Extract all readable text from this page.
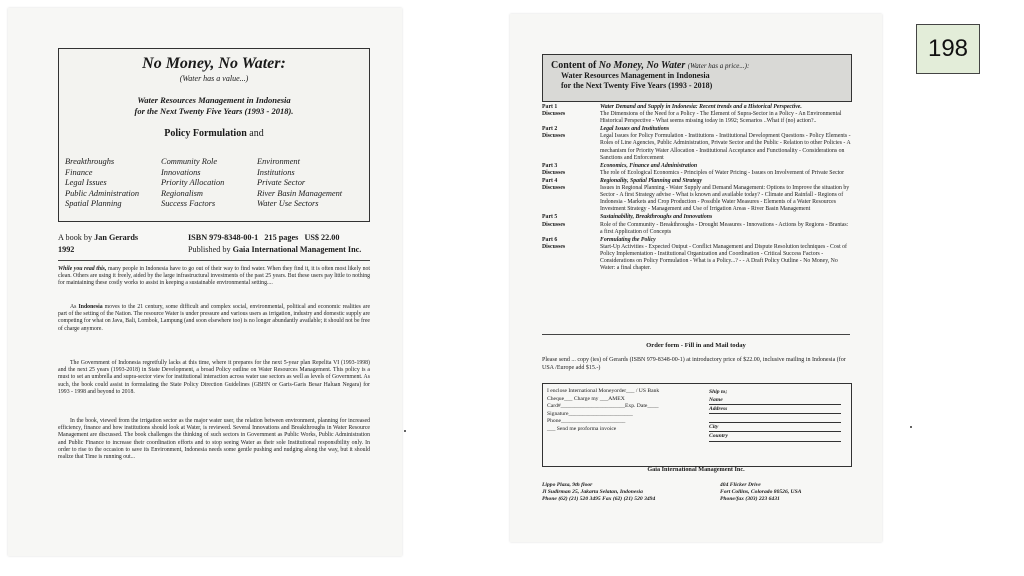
No Money, No Water:
(Water has a value...)
Water Resources Management in Indonesia
for the Next Twenty Five Years (1993 - 2018).
Policy Formulation and
Breakthroughs	Community Role	Environment
Finance	Innovations	Institutions
Legal Issues	Priority Allocation	Private Sector
Public Administration	Regionalism	River Basin Management
Spatial Planning	Success Factors	Water Use Sectors
A book by Jan Gerards	ISBN 979-8348-00-1 215 pages US$ 22.00
1992	Published by Gaia International Management Inc.
While you read this, many people in Indonesia have to go out of their way to find water. When they find it, it is often most likely not clean. Others are using it freely, aided by the large infrastructural investments of the past 25 years. But these users pay little to nothing for maintaining these costly works to assist in keeping a sustainable environmental setting....
As Indonesia moves to the 21 century, some difficult and complex social, environmental, political and economic realities are part of the setting of the Nation. The resource Water is under pressure and various users as irrigation, industry and domestic supply are competing for what on Java, Bali, Lombok, Lampung (and soon elsewhere too) is no longer abundantly available; it should not be free of charge anymore.
The Government of Indonesia regretfully lacks at this time, where it prepares for the next 5-year plan Repelita VI (1993-1998) and the next 25 years (1993-2018) in State Development, a broad Policy outline on Water Resources Management. This policy is a must to set an umbrella and supra-sector view for institutional interaction across water use sectors as well as levels of Government. As such, the book could assist in formulating the State Policy Direction Guidelines (GBHN or Garis-Garis Besar Haluan Negara) for 1993 - 1998 and beyond to 2018.
In the book, viewed from the irrigation sector as the major water user, the relation between environment, planning for increased efficiency, finance and how institutions should look at Water, is reviewed. Several Innovations and Breakthroughs in Water Resource Management are discussed. The book challenges the thinking of such sectors in Government as Public Works, Public Administration and Public Finance to increase their coordination efforts and to stop seeing Water as their sole Institutional responsibility only. In order to rise to the occasion to save its Environment, Indonesia needs some gentle pushing and nudging along the way, but it should realize that Time is running out...
Content of No Money, No Water (Water has a price...):
Water Resources Management in Indonesia
for the Next Twenty Five Years (1993 - 2018)
Part 1	Water Demand and Supply in Indonesia: Recent trends and a Historical Perspective.
Discusses	The Dimensions of the Need for a Policy - The Element of Supra-Sector in a Policy - An Environmental Historical Perspective - What seems missing today in 1992; Scenarios ..What if (no) action?..
Part 2	Legal Issues and Institutions
Discusses	Legal Issues for Policy Formulation - Institutions - Institutional Development Questions - Policy Elements - Roles of Line Agencies, Public Administration, Private Sector and the Public - Relation to other Policies - A mechanism for Priority Water Allocation - Institutional Acceptance and Functionality - Considerations on Sanctions and Enforcement
Part 3	Economics, Finance and Administration
Discusses	The role of Ecological Economics - Principles of Water Pricing - Issues on Involvement of Private Sector
Part 4	Regionality, Spatial Planning and Strategy
Discusses	Issues in Regional Planning - Water Supply and Demand Management: Options to Improve the situation by Sector - A first Strategy advise - What is known and available today? - Climate and Rainfall - Regions of Indonesia - Markets and Crop Production - Possible Water Measures - Elements of a Water Resources Investment Strategy - Management and Use of Irrigation Areas - River Basin Management
Part 5	Sustainability, Breakthroughs and Innovations
Discusses	Role of the Community - Breakthroughs - Drought Measures - Innovations - Actions by Regions - Brantas: a first Application of Concepts
Part 6	Formulating the Policy
Discusses	Start-Up Activities - Expected Output - Conflict Management and Dispute Resolution techniques - Cost of Policy Implementation - Institutional Organization and Coordination - Critical Success Factors - Considerations on Policy Formulation - What is a Policy...? - - A Draft Policy Outline - No Money, No Water: a final chapter.
Order form - Fill in and Mail today
Please send ... copy (ies) of Gerards (ISBN 979-8348-00-1) at introductory price of $22.00, inclusive mailing in Indonesia (for USA /Europe add $15.-)
I enclose International Moneyorder___ / US Bank
Cheque___ Charge my ___AMEX
Card#_______________________Exp. Date____
Signature_______________________
Phone_______________________
___ Send me proforma invoice
Ship to;
Name
Address

City
Country
Gaia International Management Inc.
Lippo Plaza, 9th floor
Jl Sudirman 25, Jakarta Selatan, Indonesia
Phone (62) (21) 520 3495 Fax (62) (21) 520 3494
404 Flicker Drive
Fort Collins, Colorado 80526, USA
Phone/fax (303) 223 6431
198
